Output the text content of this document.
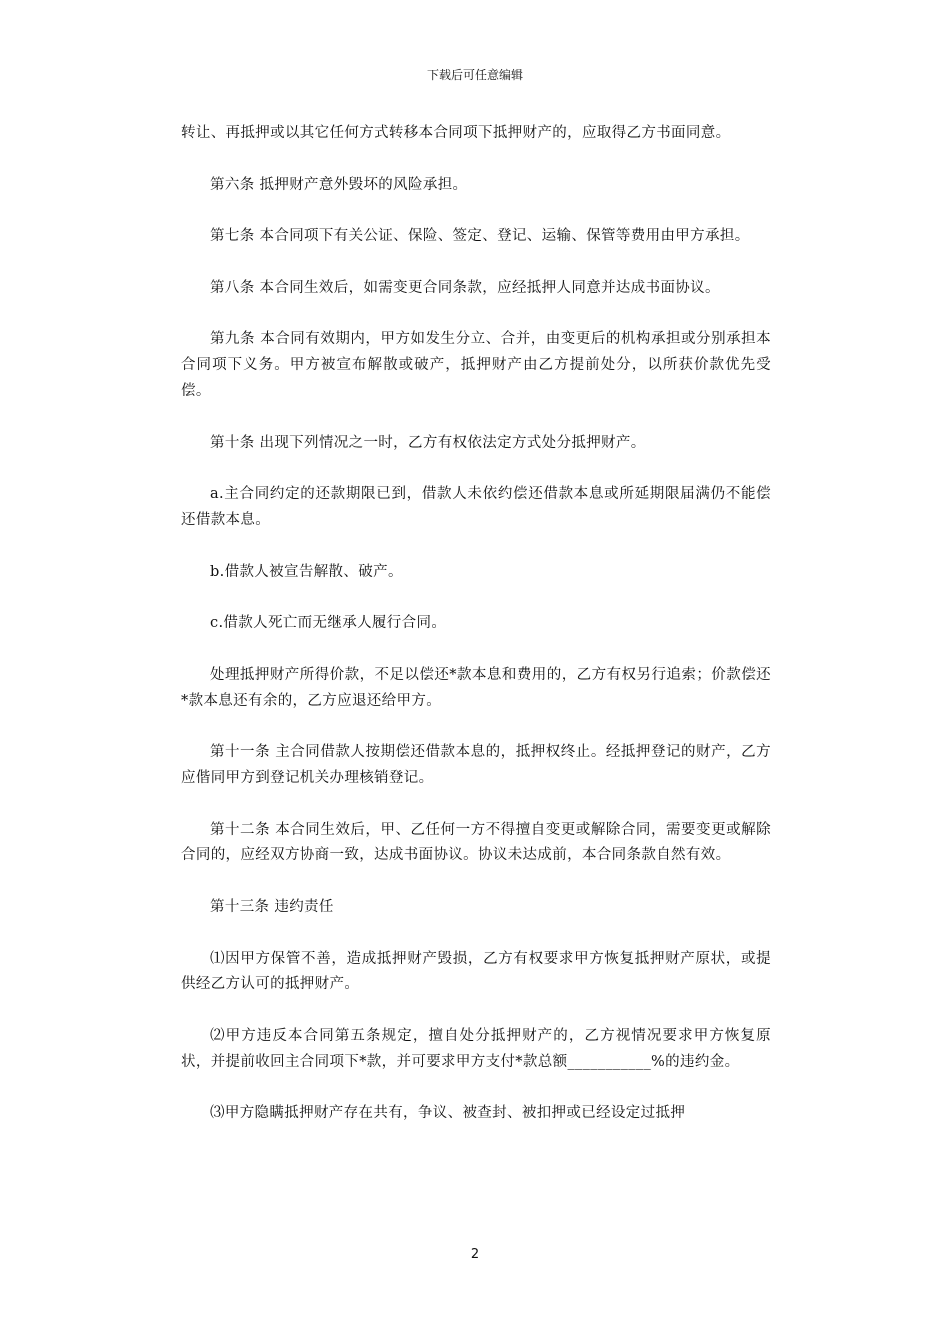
下载后可任意编辑

转让、再抵押或以其它任何方式转移本合同项下抵押财产的，应取得乙方书面同意。

第六条 抵押财产意外毁坏的风险承担。

第七条 本合同项下有关公证、保险、签定、登记、运输、保管等费用由甲方承担。

第八条 本合同生效后，如需变更合同条款，应经抵押人同意并达成书面协议。

第九条 本合同有效期内，甲方如发生分立、合并，由变更后的机构承担或分别承担本合同项下义务。甲方被宣布解散或破产，抵押财产由乙方提前处分，以所获价款优先受偿。

第十条 出现下列情况之一时，乙方有权依法定方式处分抵押财产。

a.主合同约定的还款期限已到，借款人未依约偿还借款本息或所延期限届满仍不能偿还借款本息。

b.借款人被宣告解散、破产。

c.借款人死亡而无继承人履行合同。

处理抵押财产所得价款，不足以偿还*款本息和费用的，乙方有权另行追索；价款偿还*款本息还有余的，乙方应退还给甲方。

第十一条 主合同借款人按期偿还借款本息的，抵押权终止。经抵押登记的财产，乙方应偕同甲方到登记机关办理核销登记。

第十二条 本合同生效后，甲、乙任何一方不得擅自变更或解除合同，需要变更或解除合同的，应经双方协商一致，达成书面协议。协议未达成前，本合同条款自然有效。

第十三条 违约责任

⑴因甲方保管不善，造成抵押财产毁损，乙方有权要求甲方恢复抵押财产原状，或提供经乙方认可的抵押财产。

⑵甲方违反本合同第五条规定，擅自处分抵押财产的，乙方视情况要求甲方恢复原状，并提前收回主合同项下*款，并可要求甲方支付*款总额___________%的违约金。

⑶甲方隐瞒抵押财产存在共有，争议、被查封、被扣押或已经设定过抵押

2
